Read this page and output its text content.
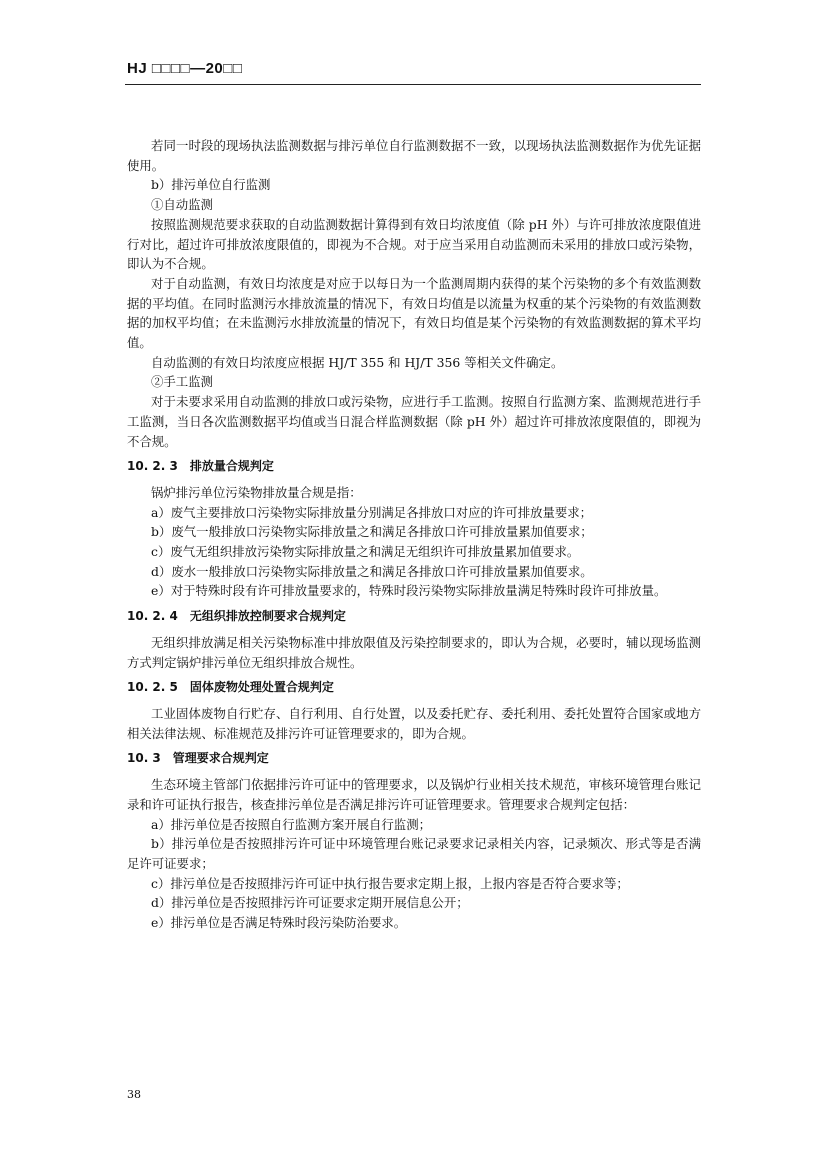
HJ □□□□—20□□

若同一时段的现场执法监测数据与排污单位自行监测数据不一致，以现场执法监测数据作为优先证据使用。

b）排污单位自行监测

①自动监测

按照监测规范要求获取的自动监测数据计算得到有效日均浓度值（除 pH 外）与许可排放浓度限值进行对比，超过许可排放浓度限值的，即视为不合规。对于应当采用自动监测而未采用的排放口或污染物，即认为不合规。

对于自动监测，有效日均浓度是对应于以每日为一个监测周期内获得的某个污染物的多个有效监测数据的平均值。在同时监测污水排放流量的情况下，有效日均值是以流量为权重的某个污染物的有效监测数据的加权平均值；在未监测污水排放流量的情况下，有效日均值是某个污染物的有效监测数据的算术平均值。

自动监测的有效日均浓度应根据 HJ/T 355 和 HJ/T 356 等相关文件确定。

②手工监测

对于未要求采用自动监测的排放口或污染物，应进行手工监测。按照自行监测方案、监测规范进行手工监测，当日各次监测数据平均值或当日混合样监测数据（除 pH 外）超过许可排放浓度限值的，即视为不合规。

10. 2. 3　排放量合规判定

锅炉排污单位污染物排放量合规是指：

a）废气主要排放口污染物实际排放量分别满足各排放口对应的许可排放量要求；

b）废气一般排放口污染物实际排放量之和满足各排放口许可排放量累加值要求；

c）废气无组织排放污染物实际排放量之和满足无组织许可排放量累加值要求。

d）废水一般排放口污染物实际排放量之和满足各排放口许可排放量累加值要求。

e）对于特殊时段有许可排放量要求的，特殊时段污染物实际排放量满足特殊时段许可排放量。

10. 2. 4　无组织排放控制要求合规判定

无组织排放满足相关污染物标准中排放限值及污染控制要求的，即认为合规，必要时，辅以现场监测方式判定锅炉排污单位无组织排放合规性。

10. 2. 5　固体废物处理处置合规判定

工业固体废物自行贮存、自行利用、自行处置，以及委托贮存、委托利用、委托处置符合国家或地方相关法律法规、标准规范及排污许可证管理要求的，即为合规。

10. 3　管理要求合规判定

生态环境主管部门依据排污许可证中的管理要求，以及锅炉行业相关技术规范，审核环境管理台账记录和许可证执行报告，核查排污单位是否满足排污许可证管理要求。管理要求合规判定包括：

a）排污单位是否按照自行监测方案开展自行监测；

b）排污单位是否按照排污许可证中环境管理台账记录要求记录相关内容，记录频次、形式等是否满足许可证要求；

c）排污单位是否按照排污许可证中执行报告要求定期上报，上报内容是否符合要求等；

d）排污单位是否按照排污许可证要求定期开展信息公开；

e）排污单位是否满足特殊时段污染防治要求。

38
